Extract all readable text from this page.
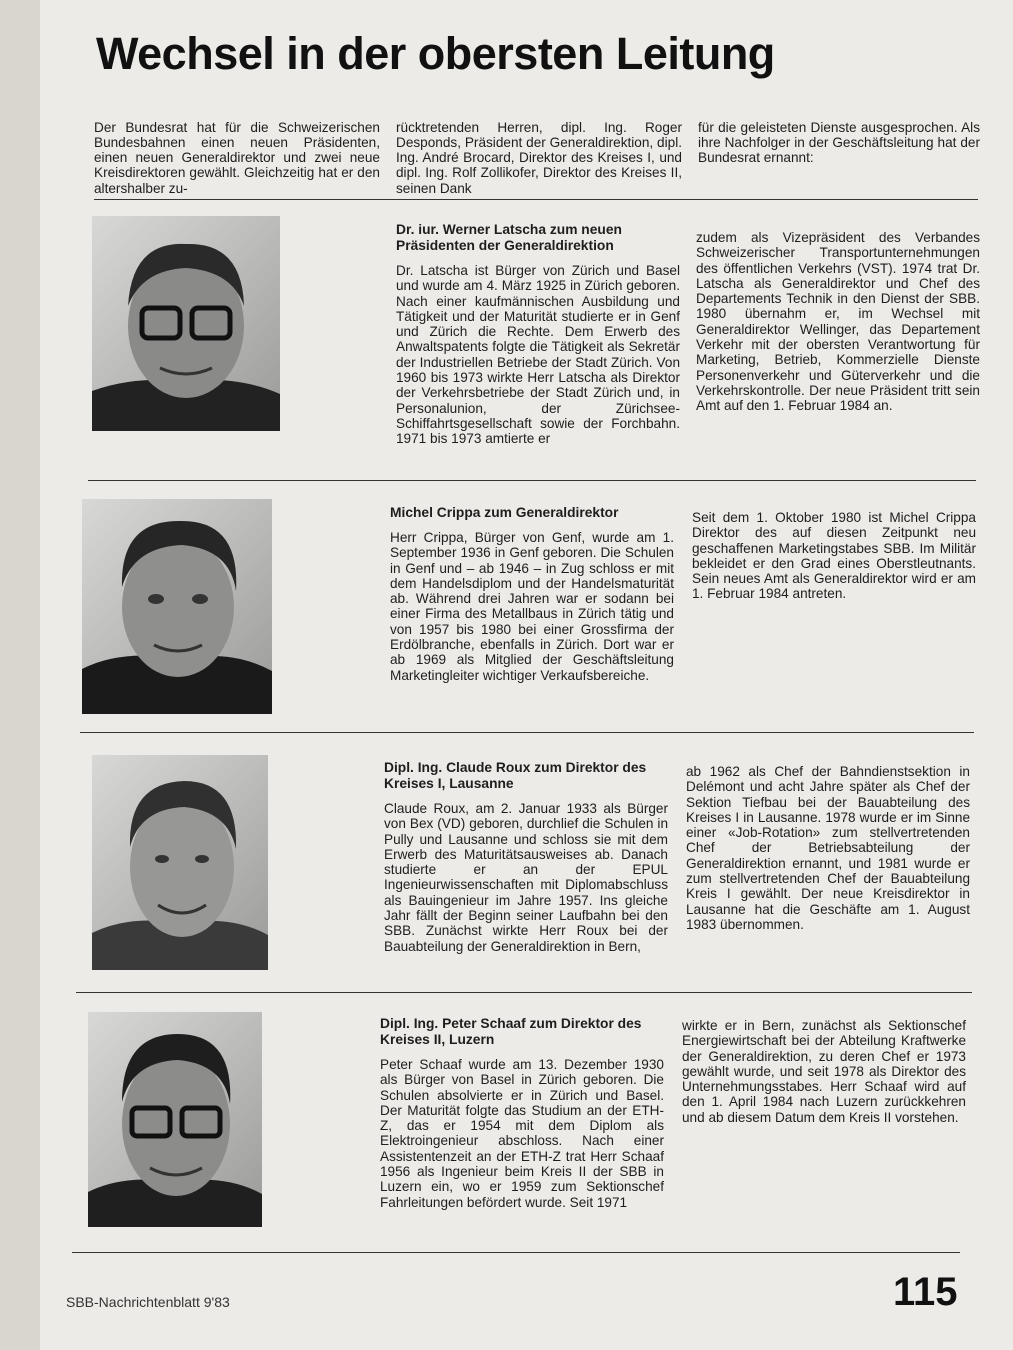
Wechsel in der obersten Leitung

Der Bundesrat hat für die Schweizerischen Bundesbahnen einen neuen Präsidenten, einen neuen Generaldirektor und zwei neue Kreisdirektoren gewählt. Gleichzeitig hat er den altershalber zu-

rücktretenden Herren, dipl. Ing. Roger Desponds, Präsident der Generaldirektion, dipl. Ing. André Brocard, Direktor des Kreises I, und dipl. Ing. Rolf Zollikofer, Direktor des Kreises II, seinen Dank

für die geleisteten Dienste ausgesprochen. Als ihre Nachfolger in der Geschäftsleitung hat der Bundesrat ernannt:

Dr. iur. Werner Latscha zum neuen Präsidenten der Generaldirektion

Dr. Latscha ist Bürger von Zürich und Basel und wurde am 4. März 1925 in Zürich geboren. Nach einer kaufmännischen Ausbildung und Tätigkeit und der Maturität studierte er in Genf und Zürich die Rechte. Dem Erwerb des Anwaltspatents folgte die Tätigkeit als Sekretär der Industriellen Betriebe der Stadt Zürich. Von 1960 bis 1973 wirkte Herr Latscha als Direktor der Verkehrsbetriebe der Stadt Zürich und, in Personalunion, der Zürichsee-Schiffahrtsgesellschaft sowie der Forchbahn. 1971 bis 1973 amtierte er

zudem als Vizepräsident des Verbandes Schweizerischer Transportunternehmungen des öffentlichen Verkehrs (VST). 1974 trat Dr. Latscha als Generaldirektor und Chef des Departements Technik in den Dienst der SBB. 1980 übernahm er, im Wechsel mit Generaldirektor Wellinger, das Departement Verkehr mit der obersten Verantwortung für Marketing, Betrieb, Kommerzielle Dienste Personenverkehr und Güterverkehr und die Verkehrskontrolle. Der neue Präsident tritt sein Amt auf den 1. Februar 1984 an.

Michel Crippa zum Generaldirektor

Herr Crippa, Bürger von Genf, wurde am 1. September 1936 in Genf geboren. Die Schulen in Genf und – ab 1946 – in Zug schloss er mit dem Handelsdiplom und der Handelsmaturität ab. Während drei Jahren war er sodann bei einer Firma des Metallbaus in Zürich tätig und von 1957 bis 1980 bei einer Grossfirma der Erdölbranche, ebenfalls in Zürich. Dort war er ab 1969 als Mitglied der Geschäftsleitung Marketingleiter wichtiger Verkaufsbereiche.

Seit dem 1. Oktober 1980 ist Michel Crippa Direktor des auf diesen Zeitpunkt neu geschaffenen Marketingstabes SBB. Im Militär bekleidet er den Grad eines Oberstleutnants. Sein neues Amt als Generaldirektor wird er am 1. Februar 1984 antreten.

Dipl. Ing. Claude Roux zum Direktor des Kreises I, Lausanne

Claude Roux, am 2. Januar 1933 als Bürger von Bex (VD) geboren, durchlief die Schulen in Pully und Lausanne und schloss sie mit dem Erwerb des Maturitätsausweises ab. Danach studierte er an der EPUL Ingenieurwissenschaften mit Diplomabschluss als Bauingenieur im Jahre 1957. Ins gleiche Jahr fällt der Beginn seiner Laufbahn bei den SBB. Zunächst wirkte Herr Roux bei der Bauabteilung der Generaldirektion in Bern,

ab 1962 als Chef der Bahndienstsektion in Delémont und acht Jahre später als Chef der Sektion Tiefbau bei der Bauabteilung des Kreises I in Lausanne. 1978 wurde er im Sinne einer «Job-Rotation» zum stellvertretenden Chef der Betriebsabteilung der Generaldirektion ernannt, und 1981 wurde er zum stellvertretenden Chef der Bauabteilung Kreis I gewählt. Der neue Kreisdirektor in Lausanne hat die Geschäfte am 1. August 1983 übernommen.

Dipl. Ing. Peter Schaaf zum Direktor des Kreises II, Luzern

Peter Schaaf wurde am 13. Dezember 1930 als Bürger von Basel in Zürich geboren. Die Schulen absolvierte er in Zürich und Basel. Der Maturität folgte das Studium an der ETH-Z, das er 1954 mit dem Diplom als Elektroingenieur abschloss. Nach einer Assistentenzeit an der ETH-Z trat Herr Schaaf 1956 als Ingenieur beim Kreis II der SBB in Luzern ein, wo er 1959 zum Sektionschef Fahrleitungen befördert wurde. Seit 1971

wirkte er in Bern, zunächst als Sektionschef Energiewirtschaft bei der Abteilung Kraftwerke der Generaldirektion, zu deren Chef er 1973 gewählt wurde, und seit 1978 als Direktor des Unternehmungsstabes. Herr Schaaf wird auf den 1. April 1984 nach Luzern zurückkehren und ab diesem Datum dem Kreis II vorstehen.

SBB-Nachrichtenblatt 9'83	115
